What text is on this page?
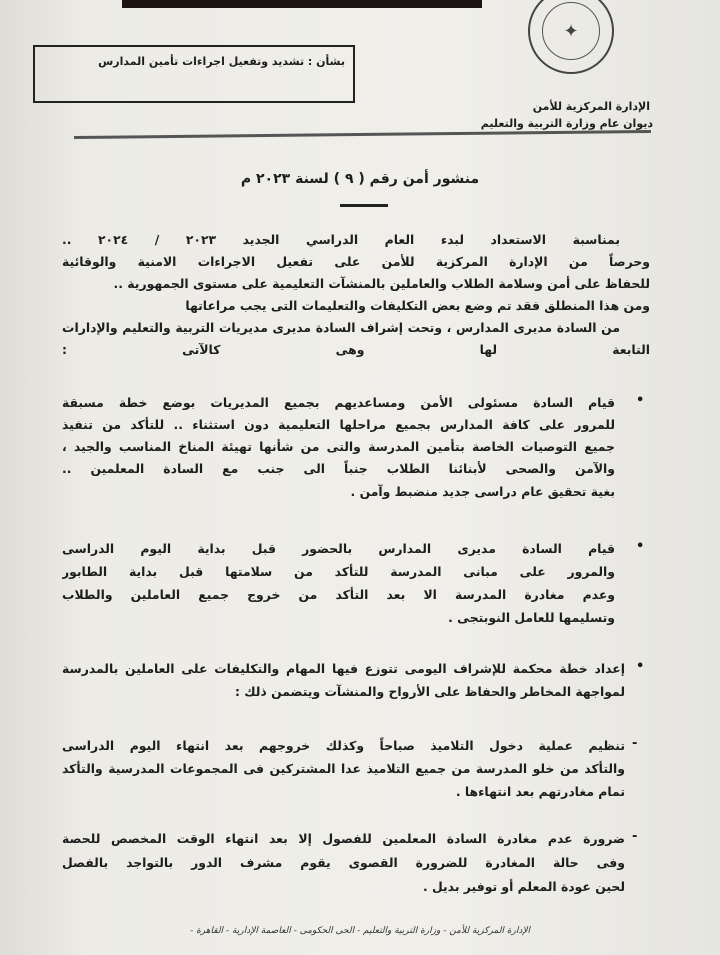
✦
بشأن : تشديد وتفعيل اجراءات تأمين المدارس
الإدارة المركزية للأمن
ديوان عام وزارة التربية والتعليم
منشور أمن رقم ( ٩ ) لسنة ٢٠٢٣ م
بمناسبة الاستعداد لبدء العام الدراسي الجديد ٢٠٢٣ / ٢٠٢٤ ..
وحرصاً من الإدارة المركزية للأمن على تفعيل الاجراءات الامنية والوقائية
للحفاظ على أمن وسلامة الطلاب والعاملين بالمنشآت التعليمية على مستوى الجمهورية ..
ومن هذا المنطلق فقد تم وضع بعض التكليفات والتعليمات التى يجب مراعاتها
من السادة مديرى المدارس ، وتحت إشراف السادة مديرى مديريات التربية والتعليم والإدارات
التابعة لها وهى كالآتى :
قيام السادة مسئولى الأمن ومساعديهم بجميع المديريات بوضع خطة مسبقة
للمرور على كافة المدارس بجميع مراحلها التعليمية دون استثناء .. للتأكد من تنفيذ
جميع التوصيات الخاصة بتأمين المدرسة والتى من شأنها تهيئة المناخ المناسب والجيد ،
والآمن والصحى لأبنائنا الطلاب جنباً الى جنب مع السادة المعلمين ..
بغية تحقيق عام دراسى جديد منضبط وآمن .
•
قيام السادة مديرى المدارس بالحضور قبل بداية اليوم الدراسى
والمرور على مبانى المدرسة للتأكد من سلامتها قبل بداية الطابور
وعدم مغادرة المدرسة الا بعد التأكد من خروج جميع العاملين والطلاب
وتسليمها للعامل النوبتجى .
•
إعداد خطة محكمة للإشراف اليومى تتوزع فيها المهام والتكليفات على العاملين بالمدرسة
لمواجهة المخاطر والحفاظ على الأرواح والمنشآت ويتضمن ذلك :
•
تنظيم عملية دخول التلاميذ صباحاً وكذلك خروجهم بعد انتهاء اليوم الدراسى
والتأكد من خلو المدرسة من جميع التلاميذ عدا المشتركين فى المجموعات المدرسية والتأكد
تمام مغادرتهم بعد انتهاءها .
-
ضرورة عدم مغادرة السادة المعلمين للفصول إلا بعد انتهاء الوقت المخصص للحصة
وفى حالة المغادرة للضرورة القصوى يقوم مشرف الدور بالتواجد بالفصل
لحين عودة المعلم أو توفير بديل .
-
الإدارة المركزية للأمن - وزارة التربية والتعليم - الحى الحكومى - العاصمة الإدارية - القاهرة -
